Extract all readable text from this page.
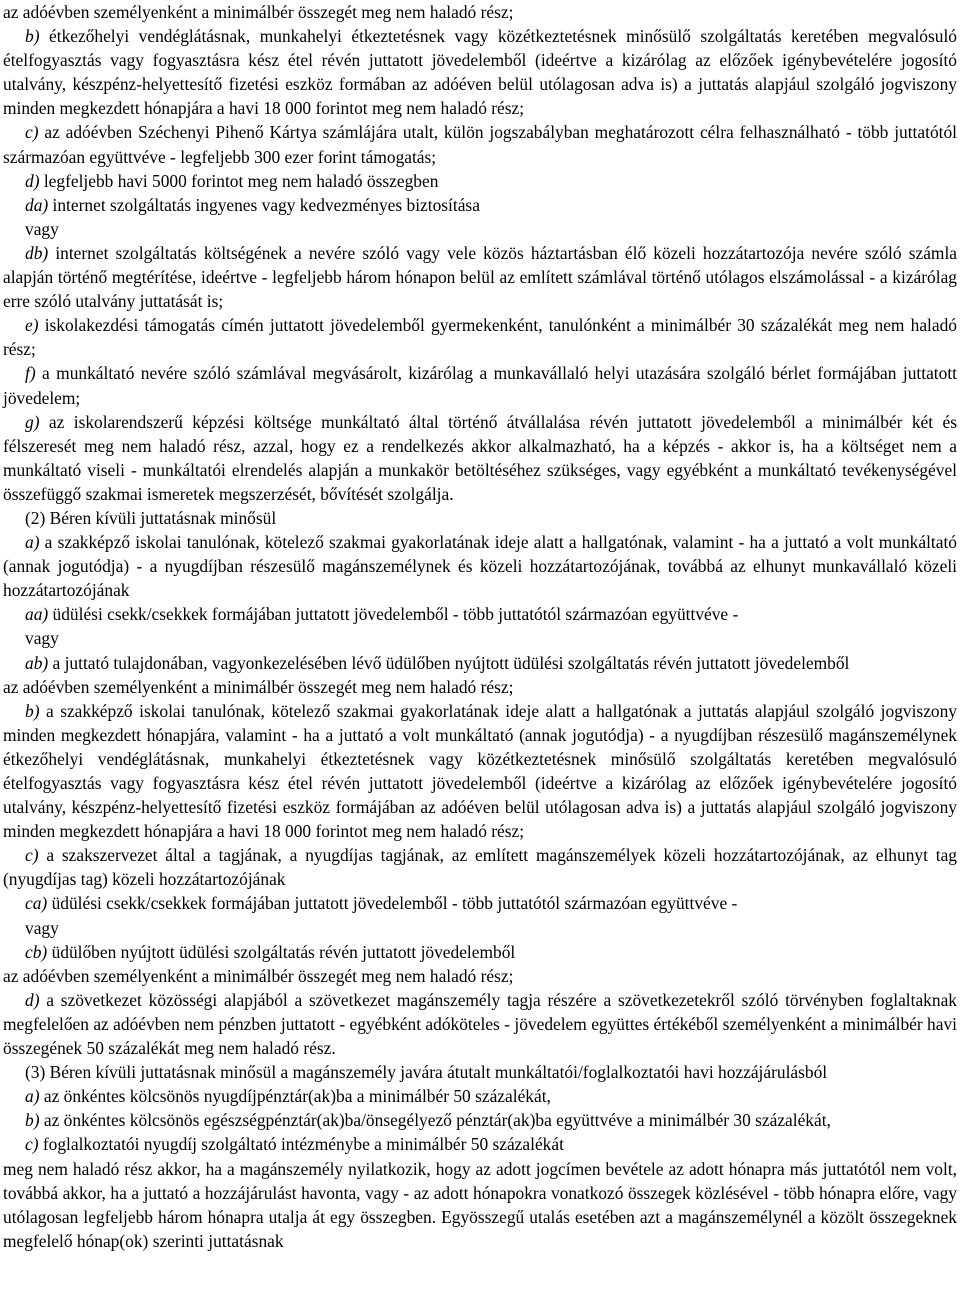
az adóévben személyenként a minimálbér összegét meg nem haladó rész;
b) étkezőhelyi vendéglátásnak, munkahelyi étkeztetésnek vagy közétkeztetésnek minősülő szolgáltatás keretében megvalósuló ételfogyasztás vagy fogyasztásra kész étel révén juttatott jövedelemből (ideértve a kizárólag az előzőek igénybevételére jogosító utalvány, készpénz-helyettesítő fizetési eszköz formában az adóéven belül utólagosan adva is) a juttatás alapjául szolgáló jogviszony minden megkezdett hónapjára a havi 18 000 forintot meg nem haladó rész;
c) az adóévben Széchenyi Pihenő Kártya számlájára utalt, külön jogszabályban meghatározott célra felhasználható - több juttatótól származóan együttvéve - legfeljebb 300 ezer forint támogatás;
d) legfeljebb havi 5000 forintot meg nem haladó összegben
da) internet szolgáltatás ingyenes vagy kedvezményes biztosítása
vagy
db) internet szolgáltatás költségének a nevére szóló vagy vele közös háztartásban élő közeli hozzátartozója nevére szóló számla alapján történő megtérítése, ideértve - legfeljebb három hónapon belül az említett számlával történő utólagos elszámolással - a kizárólag erre szóló utalvány juttatását is;
e) iskolakezdési támogatás címén juttatott jövedelemből gyermekenként, tanulónként a minimálbér 30 százalékát meg nem haladó rész;
f) a munkáltató nevére szóló számlával megvásárolt, kizárólag a munkavállaló helyi utazására szolgáló bérlet formájában juttatott jövedelem;
g) az iskolarendszerű képzési költsége munkáltató által történő átvállalása révén juttatott jövedelemből a minimálbér két és félszeresét meg nem haladó rész, azzal, hogy ez a rendelkezés akkor alkalmazható, ha a képzés - akkor is, ha a költséget nem a munkáltató viseli - munkáltatói elrendelés alapján a munkakör betöltéséhez szükséges, vagy egyébként a munkáltató tevékenységével összefüggő szakmai ismeretek megszerzését, bővítését szolgálja.
(2) Béren kívüli juttatásnak minősül
a) a szakképző iskolai tanulónak, kötelező szakmai gyakorlatának ideje alatt a hallgatónak, valamint - ha a juttató a volt munkáltató (annak jogutódja) - a nyugdíjban részesülő magánszemélynek és közeli hozzátartozójának, továbbá az elhunyt munkavállaló közeli hozzátartozójának
aa) üdülési csekk/csekkek formájában juttatott jövedelemből - több juttatótól származóan együttvéve -
vagy
ab) a juttató tulajdonában, vagyonkezelésében lévő üdülőben nyújtott üdülési szolgáltatás révén juttatott jövedelemből
az adóévben személyenként a minimálbér összegét meg nem haladó rész;
b) a szakképző iskolai tanulónak, kötelező szakmai gyakorlatának ideje alatt a hallgatónak a juttatás alapjául szolgáló jogviszony minden megkezdett hónapjára, valamint - ha a juttató a volt munkáltató (annak jogutódja) - a nyugdíjban részesülő magánszemélynek étkezőhelyi vendéglátásnak, munkahelyi étkeztetésnek vagy közétkeztetésnek minősülő szolgáltatás keretében megvalósuló ételfogyasztás vagy fogyasztásra kész étel révén juttatott jövedelemből (ideértve a kizárólag az előzőek igénybevételére jogosító utalvány, készpénz-helyettesítő fizetési eszköz formájában az adóéven belül utólagosan adva is) a juttatás alapjául szolgáló jogviszony minden megkezdett hónapjára a havi 18 000 forintot meg nem haladó rész;
c) a szakszervezet által a tagjának, a nyugdíjas tagjának, az említett magánszemélyek közeli hozzátartozójának, az elhunyt tag (nyugdíjas tag) közeli hozzátartozójának
ca) üdülési csekk/csekkek formájában juttatott jövedelemből - több juttatótól származóan együttvéve -
vagy
cb) üdülőben nyújtott üdülési szolgáltatás révén juttatott jövedelemből
az adóévben személyenként a minimálbér összegét meg nem haladó rész;
d) a szövetkezet közösségi alapjából a szövetkezet magánszemély tagja részére a szövetkezetekről szóló törvényben foglaltaknak megfelelően az adóévben nem pénzben juttatott - egyébként adóköteles - jövedelem együttes értékéből személyenként a minimálbér havi összegének 50 százalékát meg nem haladó rész.
(3) Béren kívüli juttatásnak minősül a magánszemély javára átutalt munkáltatói/foglalkoztatói havi hozzájárulásból
a) az önkéntes kölcsönös nyugdíjpénztár(ak)ba a minimálbér 50 százalékát,
b) az önkéntes kölcsönös egészségpénztár(ak)ba/önsegélyező pénztár(ak)ba együttvéve a minimálbér 30 százalékát,
c) foglalkoztatói nyugdíj szolgáltató intézménybe a minimálbér 50 százalékát
meg nem haladó rész akkor, ha a magánszemély nyilatkozik, hogy az adott jogcímen bevétele az adott hónapra más juttatótól nem volt, továbbá akkor, ha a juttató a hozzájárulást havonta, vagy - az adott hónapokra vonatkozó összegek közlésével - több hónapra előre, vagy utólagosan legfeljebb három hónapra utalja át egy összegben. Egyösszegű utalás esetében azt a magánszemélynél a közölt összegeknek megfelelő hónap(ok) szerinti juttatásnak
